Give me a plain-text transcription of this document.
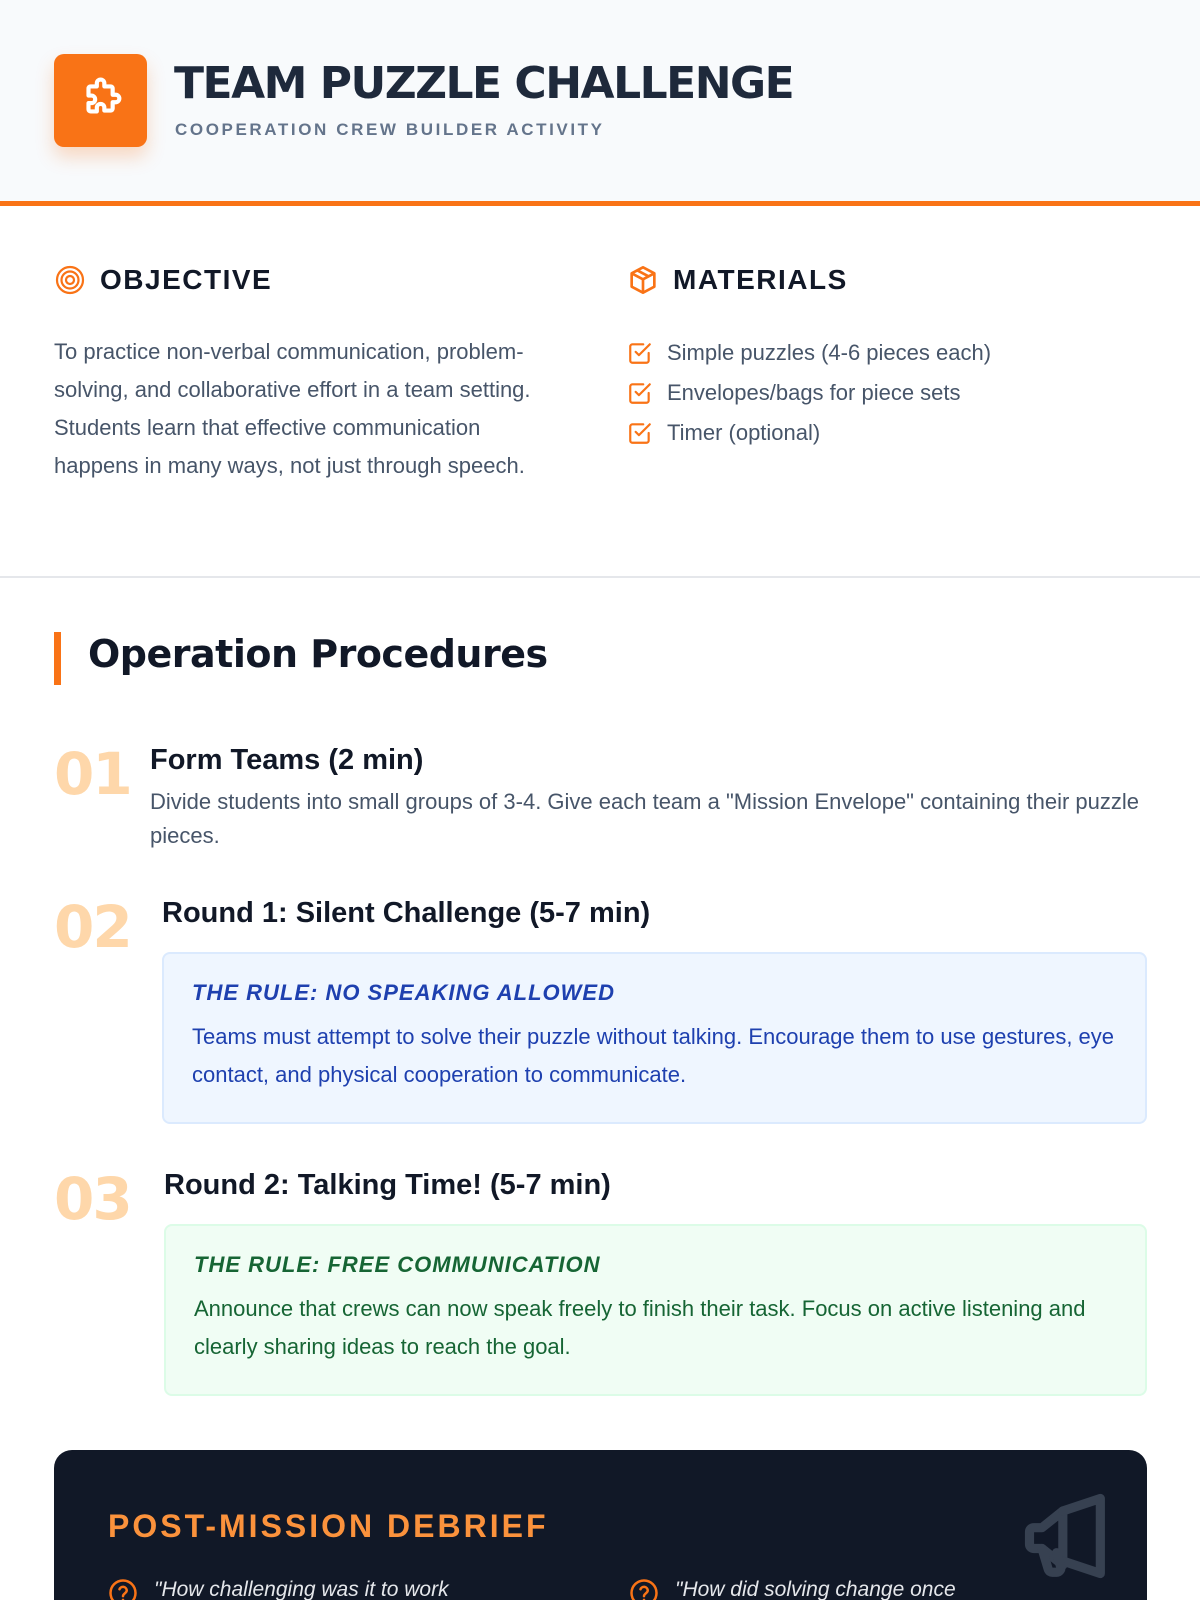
TEAM PUZZLE CHALLENGE
COOPERATION CREW BUILDER ACTIVITY
OBJECTIVE

To practice non-verbal communication, problem-solving, and collaborative effort in a team setting. Students learn that effective communication happens in many ways, not just through speech.

MATERIALS
Simple puzzles (4-6 pieces each)
Envelopes/bags for piece sets
Timer (optional)
Operation Procedures
01 Form Teams (2 min)
Divide students into small groups of 3-4. Give each team a "Mission Envelope" containing their puzzle pieces.
02 Round 1: Silent Challenge (5-7 min)
THE RULE: NO SPEAKING ALLOWED
Teams must attempt to solve their puzzle without talking. Encourage them to use gestures, eye contact, and physical cooperation to communicate.
03 Round 2: Talking Time! (5-7 min)
THE RULE: FREE COMMUNICATION
Announce that crews can now speak freely to finish their task. Focus on active listening and clearly sharing ideas to reach the goal.
POST-MISSION DEBRIEF
"How challenging was it to work	"How did solving change once
